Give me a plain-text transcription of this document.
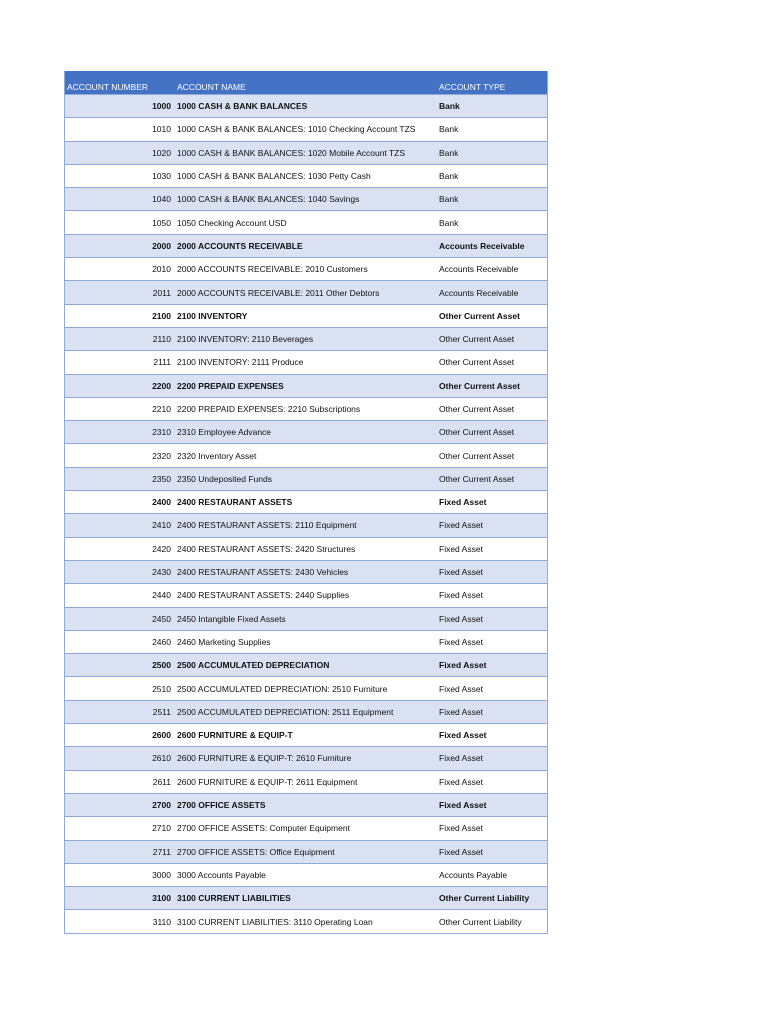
ACCOUNT NUMBER	ACCOUNT NAME	ACCOUNT TYPE
1000 1000 CASH & BANK BALANCES	Bank
1010 1000 CASH & BANK BALANCES: 1010 Checking Account TZS	Bank
1020 1000 CASH & BANK BALANCES: 1020 Mobile Account TZS	Bank
1030 1000 CASH & BANK BALANCES: 1030 Petty Cash	Bank
1040 1000 CASH & BANK BALANCES: 1040 Savings	Bank
1050 1050 Checking Account USD	Bank
2000 2000 ACCOUNTS RECEIVABLE	Accounts Receivable
2010 2000 ACCOUNTS RECEIVABLE: 2010 Customers	Accounts Receivable
2011 2000 ACCOUNTS RECEIVABLE: 2011 Other Debtors	Accounts Receivable
2100 2100 INVENTORY	Other Current Asset
2110 2100 INVENTORY: 2110 Beverages	Other Current Asset
2111 2100 INVENTORY: 2111 Produce	Other Current Asset
2200 2200 PREPAID EXPENSES	Other Current Asset
2210 2200 PREPAID EXPENSES: 2210 Subscriptions	Other Current Asset
2310 2310 Employee Advance	Other Current Asset
2320 2320 Inventory Asset	Other Current Asset
2350 2350 Undeposited Funds	Other Current Asset
2400 2400 RESTAURANT ASSETS	Fixed Asset
2410 2400 RESTAURANT ASSETS: 2110 Equipment	Fixed Asset
2420 2400 RESTAURANT ASSETS: 2420 Structures	Fixed Asset
2430 2400 RESTAURANT ASSETS: 2430 Vehicles	Fixed Asset
2440 2400 RESTAURANT ASSETS: 2440 Supplies	Fixed Asset
2450 2450 Intangible Fixed Assets	Fixed Asset
2460 2460 Marketing Supplies	Fixed Asset
2500 2500 ACCUMULATED DEPRECIATION	Fixed Asset
2510 2500 ACCUMULATED DEPRECIATION: 2510 Furniture	Fixed Asset
2511 2500 ACCUMULATED DEPRECIATION: 2511 Equipment	Fixed Asset
2600 2600 FURNITURE & EQUIP-T	Fixed Asset
2610 2600 FURNITURE & EQUIP-T: 2610 Furniture	Fixed Asset
2611 2600 FURNITURE & EQUIP-T: 2611 Equipment	Fixed Asset
2700 2700 OFFICE ASSETS	Fixed Asset
2710 2700 OFFICE ASSETS: Computer Equipment	Fixed Asset
2711 2700 OFFICE ASSETS: Office Equipment	Fixed Asset
3000 3000 Accounts Payable	Accounts Payable
3100 3100 CURRENT LIABILITIES	Other Current Liability
3110 3100 CURRENT LIABILITIES: 3110 Operating Loan	Other Current Liability
